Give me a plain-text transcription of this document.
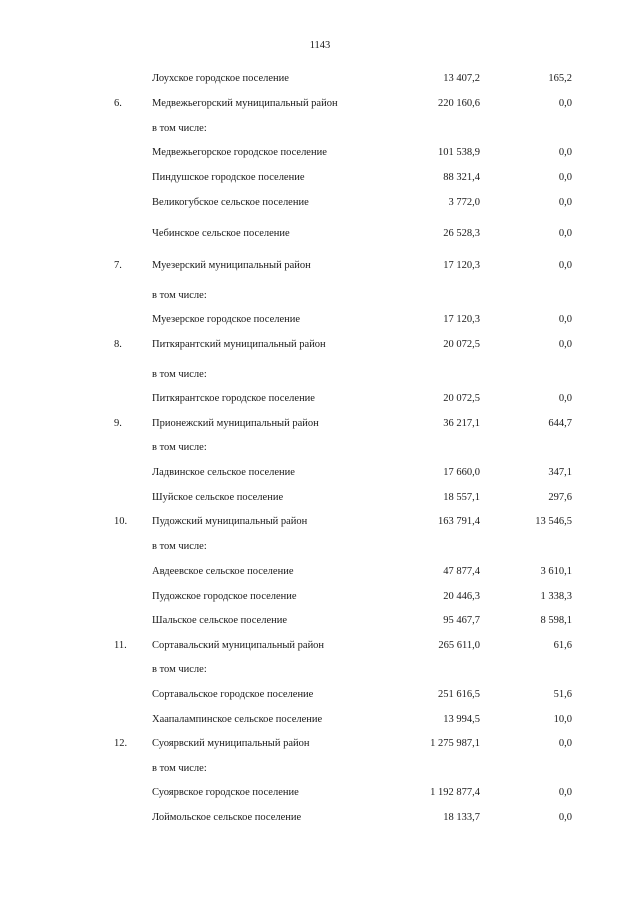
1143
Лоухское городское поселение	13 407,2	165,2
6.	Медвежьегорский муниципальный район	220 160,6	0,0
в том числе:
Медвежьегорское городское поселение	101 538,9	0,0
Пиндушское городское поселение	88 321,4	0,0
Великогубское сельское поселение	3 772,0	0,0
Чебинское сельское поселение	26 528,3	0,0
7.	Муезерский муниципальный район	17 120,3	0,0
в том числе:
Муезерское городское поселение	17 120,3	0,0
8.	Питкярантский муниципальный район	20 072,5	0,0
в том числе:
Питкярантское городское поселение	20 072,5	0,0
9.	Прионежский муниципальный район	36 217,1	644,7
в том числе:
Ладвинское сельское поселение	17 660,0	347,1
Шуйское сельское поселение	18 557,1	297,6
10. Пудожский муниципальный район	163 791,4	13 546,5
в том числе:
Авдеевское сельское поселение	47 877,4	3 610,1
Пудожское городское поселение	20 446,3	1 338,3
Шальское сельское поселение	95 467,7	8 598,1
11. Сортавальский муниципальный район	265 611,0	61,6
в том числе:
Сортавальское городское поселение	251 616,5	51,6
Хаапалампинское сельское поселение	13 994,5	10,0
12. Суоярвский муниципальный район	1 275 987,1	0,0
в том числе:
Суоярвское городское поселение	1 192 877,4	0,0
Лоймольское сельское поселение	18 133,7	0,0
